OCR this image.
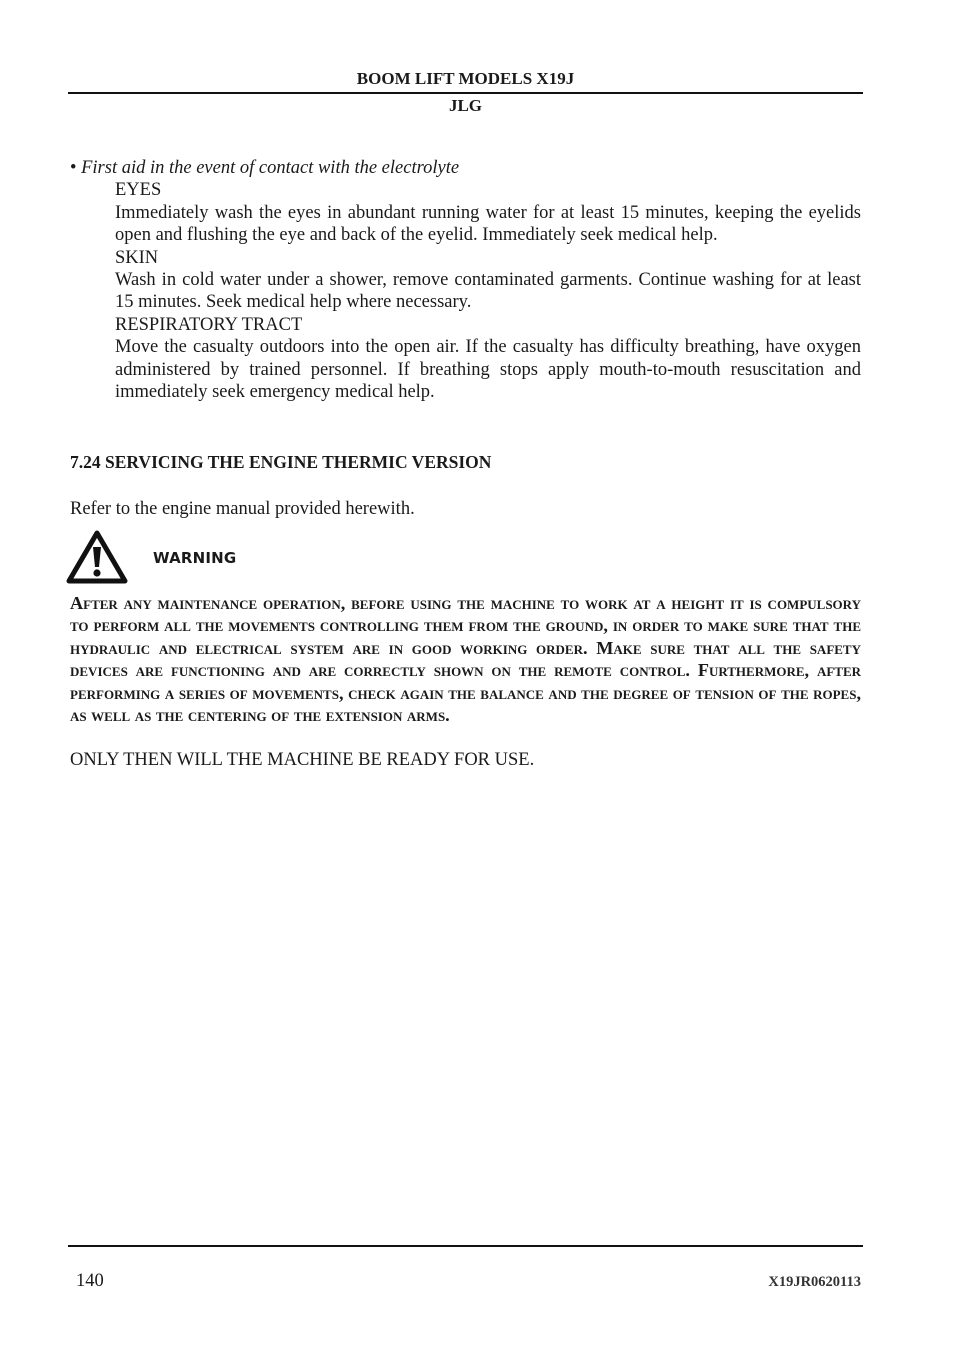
BOOM LIFT MODELS X19J
JLG
• First aid in the event of contact with the electrolyte
EYES
Immediately wash the eyes in abundant running water for at least 15 minutes, keeping the eyelids open and flushing the eye and back of the eyelid. Immediately seek medical help.
SKIN
Wash in cold water under a shower, remove contaminated garments. Continue washing for at least 15 minutes. Seek medical help where necessary.
RESPIRATORY TRACT
Move the casualty outdoors into the open air. If the casualty has difficulty breathing, have oxygen administered by trained personnel. If breathing stops apply mouth-to-mouth resuscitation and immediately seek emergency medical help.
7.24 SERVICING THE ENGINE THERMIC VERSION
Refer to the engine manual provided herewith.
WARNING
After any maintenance operation, before using the machine to work at a height it is compulsory to perform all the movements controlling them from the ground, in order to make sure that the hydraulic and electrical system are in good working order. Make sure that all the safety devices are functioning and are correctly shown on the remote control. Furthermore, after performing a series of movements, check again the balance and the degree of tension of the ropes, as well as the centering of the extension arms.
ONLY THEN WILL THE MACHINE BE READY FOR USE.
140	X19JR0620113
